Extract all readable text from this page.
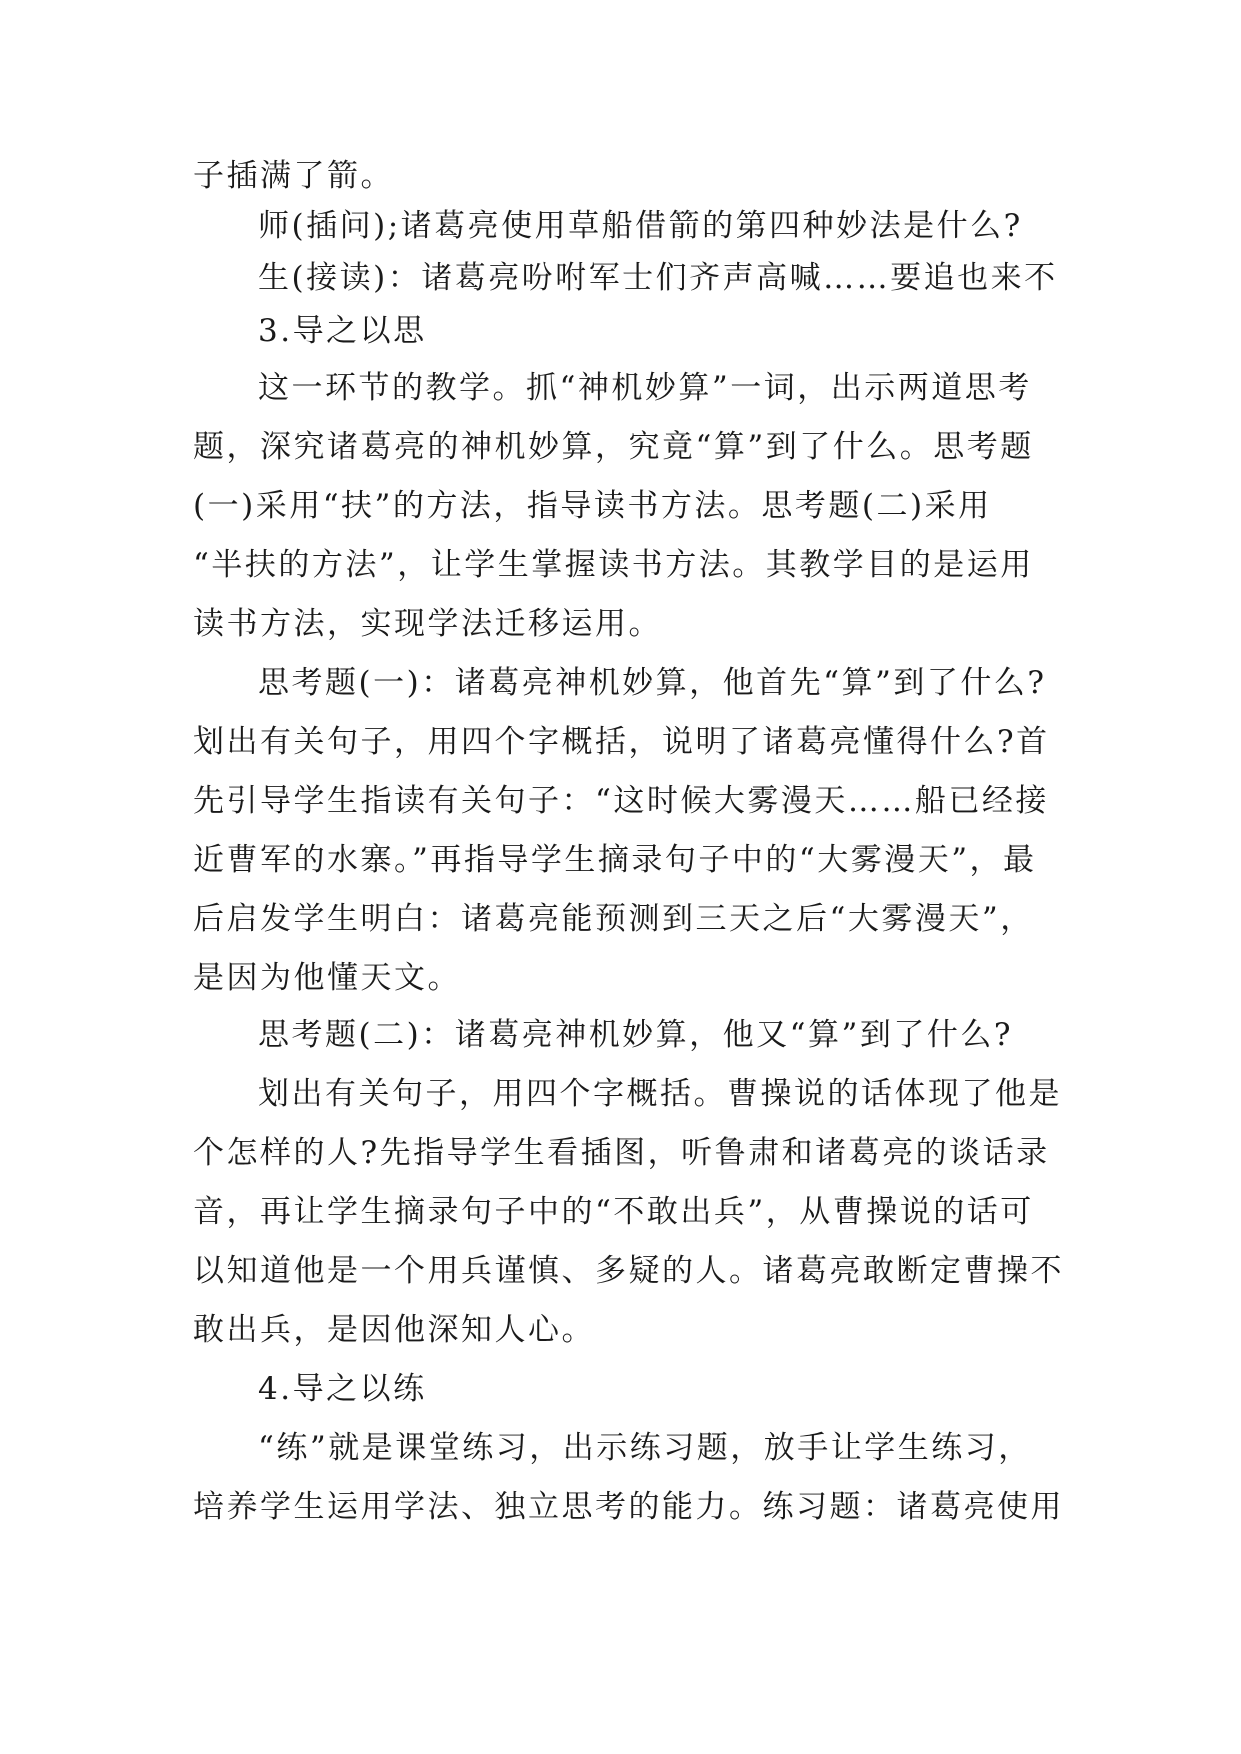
子插满了箭。
师(插问);诸葛亮使用草船借箭的第四种妙法是什么?
生(接读)：诸葛亮吩咐军士们齐声高喊……要追也来不
3.导之以思
这一环节的教学。抓“神机妙算”一词，出示两道思考
题，深究诸葛亮的神机妙算，究竟“算”到了什么。思考题
(一)采用“扶”的方法，指导读书方法。思考题(二)采用
“半扶的方法”，让学生掌握读书方法。其教学目的是运用
读书方法，实现学法迁移运用。
思考题(一)：诸葛亮神机妙算，他首先“算”到了什么?
划出有关句子，用四个字概括，说明了诸葛亮懂得什么?首
先引导学生指读有关句子：“这时候大雾漫天……船已经接
近曹军的水寨。”再指导学生摘录句子中的“大雾漫天”，最
后启发学生明白：诸葛亮能预测到三天之后“大雾漫天”，
是因为他懂天文。
思考题(二)：诸葛亮神机妙算，他又“算”到了什么?
划出有关句子，用四个字概括。曹操说的话体现了他是
个怎样的人?先指导学生看插图，听鲁肃和诸葛亮的谈话录
音，再让学生摘录句子中的“不敢出兵”，从曹操说的话可
以知道他是一个用兵谨慎、多疑的人。诸葛亮敢断定曹操不
敢出兵，是因他深知人心。
4.导之以练
“练”就是课堂练习，出示练习题，放手让学生练习，
培养学生运用学法、独立思考的能力。练习题：诸葛亮使用
